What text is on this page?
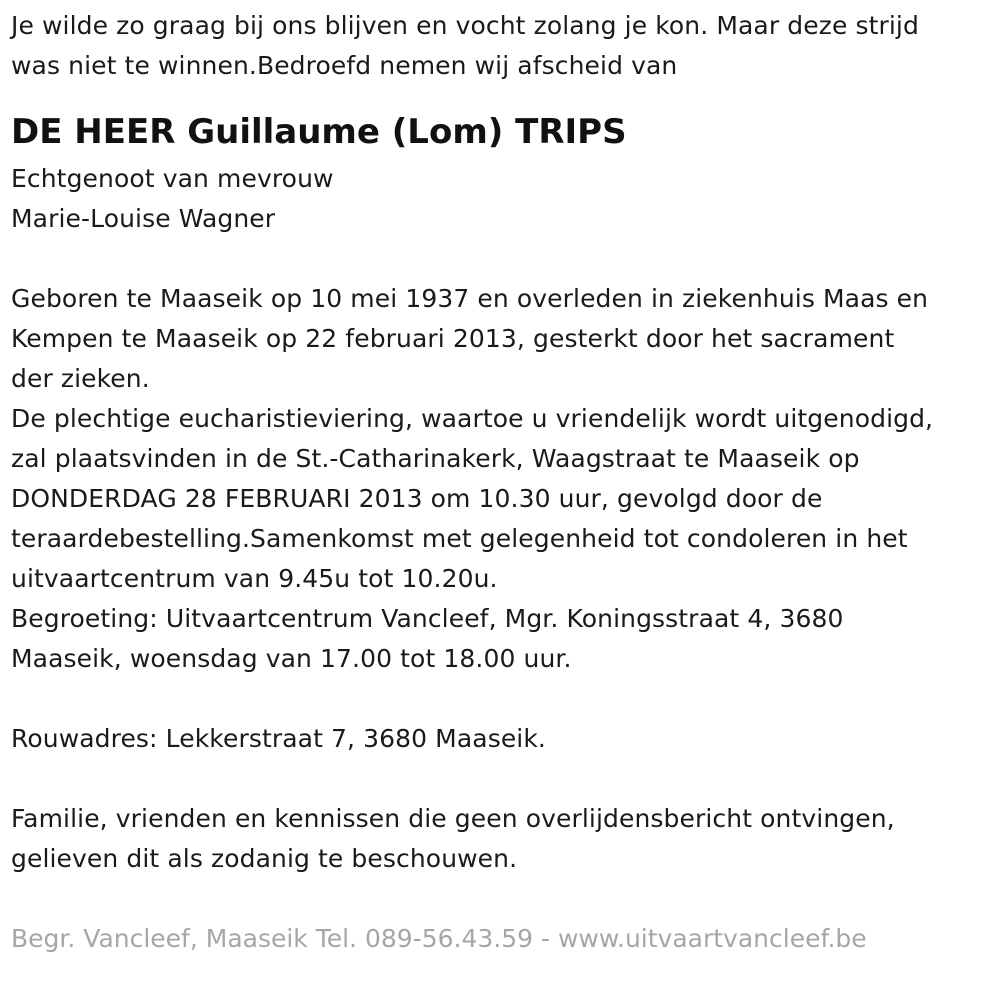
Je wilde zo graag bij ons blijven en vocht zolang je kon. Maar deze strijd
was niet te winnen.Bedroefd nemen wij afscheid van
DE HEER Guillaume (Lom) TRIPS
Echtgenoot van mevrouw
Marie-Louise Wagner
Geboren te Maaseik op 10 mei 1937 en overleden in ziekenhuis Maas en
Kempen te Maaseik op 22 februari 2013, gesterkt door het sacrament
der zieken.
De plechtige eucharistieviering, waartoe u vriendelijk wordt uitgenodigd,
zal plaatsvinden in de St.-Catharinakerk, Waagstraat te Maaseik op
DONDERDAG 28 FEBRUARI 2013 om 10.30 uur, gevolgd door de
teraardebestelling.Samenkomst met gelegenheid tot condoleren in het
uitvaartcentrum van 9.45u tot 10.20u.
Begroeting: Uitvaartcentrum Vancleef, Mgr. Koningsstraat 4, 3680
Maaseik, woensdag van 17.00 tot 18.00 uur.
Rouwadres: Lekkerstraat 7, 3680 Maaseik.
Familie, vrienden en kennissen die geen overlijdensbericht ontvingen,
gelieven dit als zodanig te beschouwen.
Begr. Vancleef, Maaseik Tel. 089-56.43.59 - www.uitvaartvancleef.be
